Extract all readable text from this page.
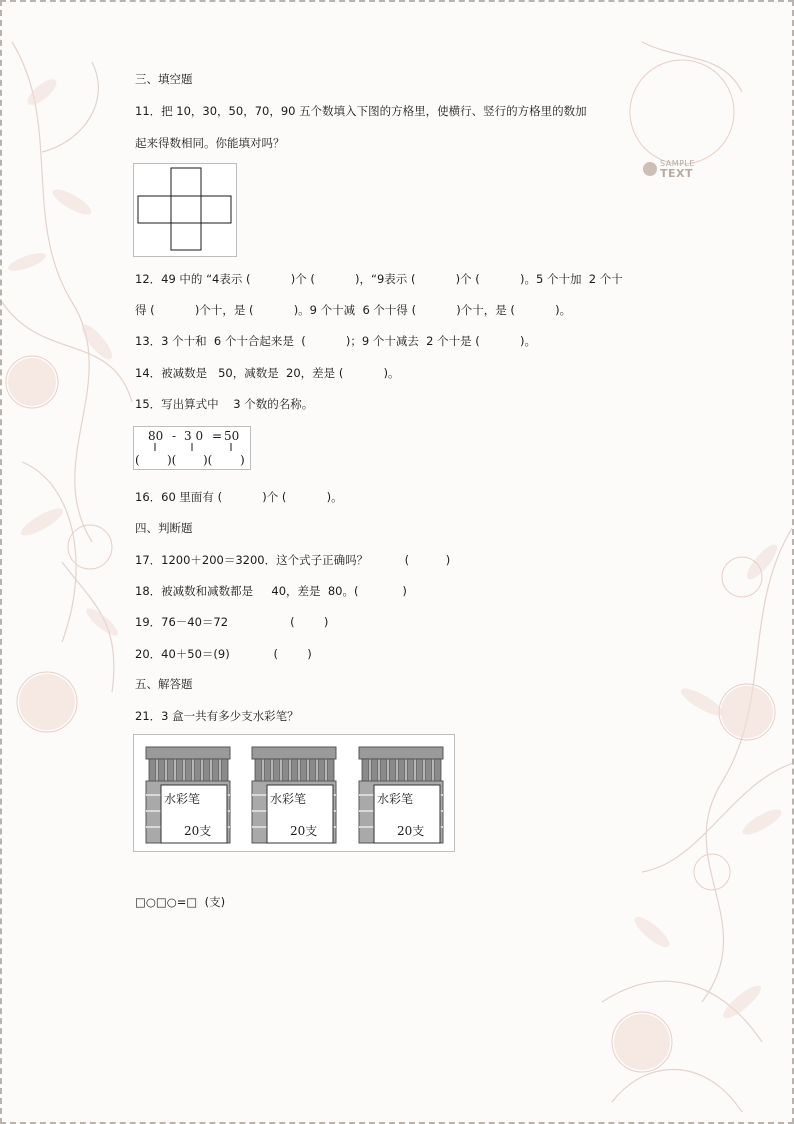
SAMPLE
TEXT
三、填空题
11．把 10，30，50，70，90 五个数填入下图的方格里，使横行、竖行的方格里的数加
起来得数相同。你能填对吗？
12．49 中的 “4表示 (           )个 (           )，“9表示 (           )个 (           )。5 个十加  2 个十
得 (           )个十，是 (           )。9 个十减  6 个十得 (           )个十，是 (           )。
13．3 个十和  6 个十合起来是  (           )；9 个十减去  2 个十是 (           )。
14．被减数是   50，减数是  20，差是 (           )。
15．写出算式中    3 个数的名称。
80 - 3 0 = 50
( )( )( )
16．60 里面有 (           )个 (           )。
四、判断题
17．1200＋200＝3200．这个式子正确吗？          (          )
18．被减数和减数都是     40，差是  80。(            )
19．76－40＝72                 (        )
20．40＋50＝(9)            (        )
五、解答题
21．3 盒一共有多少支水彩笔？
水彩笔
20支
水彩笔
20支
水彩笔
20支
□○□○=□  (支)
